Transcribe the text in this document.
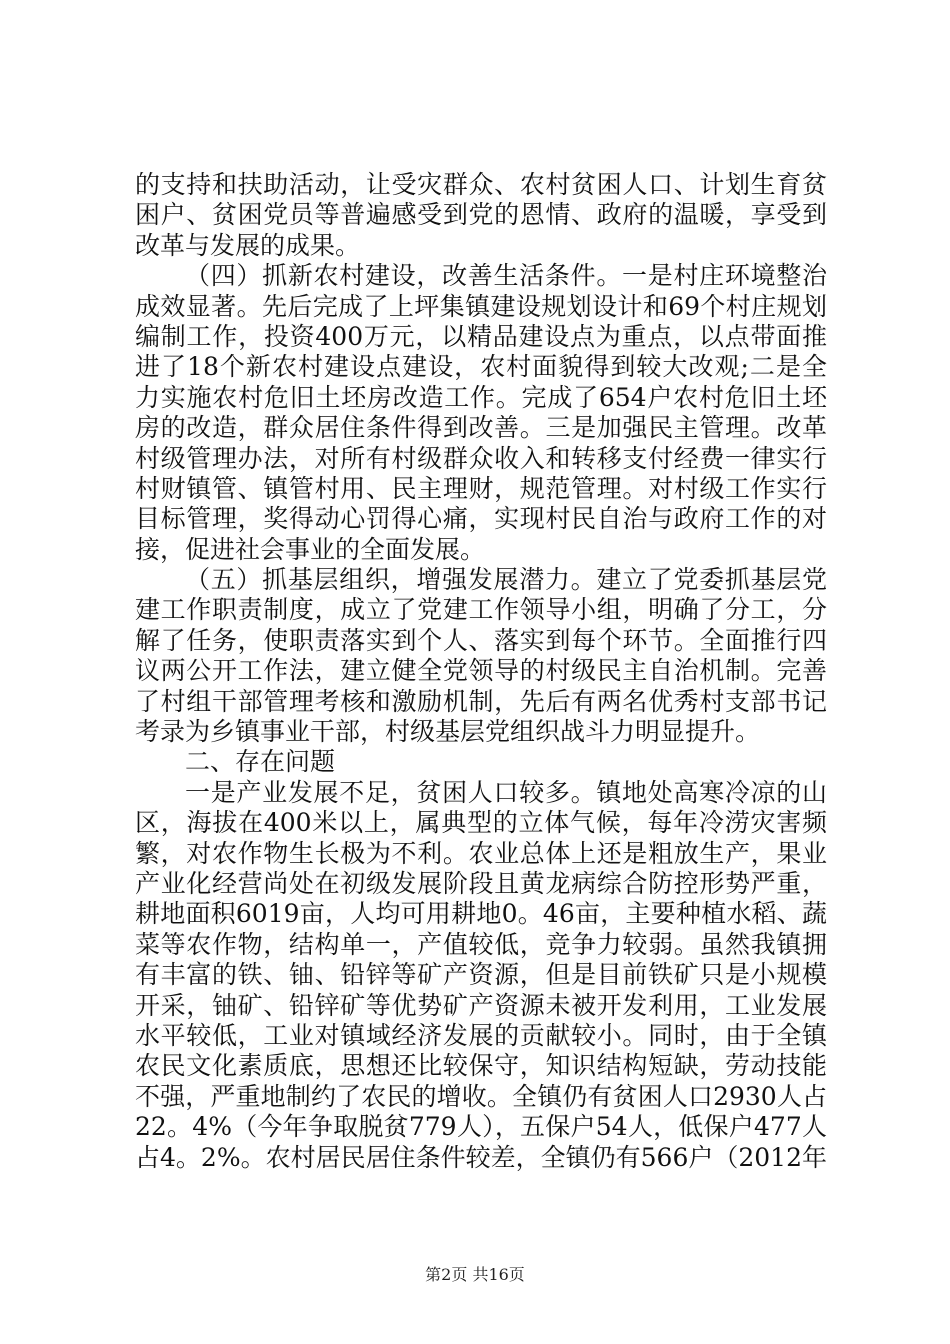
的支持和扶助活动，让受灾群众、农村贫困人口、计划生育贫
困户、贫困党员等普遍感受到党的恩情、政府的温暖，享受到
改革与发展的成果。
（四）抓新农村建设，改善生活条件。一是村庄环境整治
成效显著。先后完成了上坪集镇建设规划设计和69个村庄规划
编制工作，投资400万元，以精品建设点为重点，以点带面推
进了18个新农村建设点建设，农村面貌得到较大改观;二是全
力实施农村危旧土坯房改造工作。完成了654户农村危旧土坯
房的改造，群众居住条件得到改善。三是加强民主管理。改革
村级管理办法，对所有村级群众收入和转移支付经费一律实行
村财镇管、镇管村用、民主理财，规范管理。对村级工作实行
目标管理，奖得动心罚得心痛，实现村民自治与政府工作的对
接，促进社会事业的全面发展。
（五）抓基层组织，增强发展潜力。建立了党委抓基层党
建工作职责制度，成立了党建工作领导小组，明确了分工，分
解了任务，使职责落实到个人、落实到每个环节。全面推行四
议两公开工作法，建立健全党领导的村级民主自治机制。完善
了村组干部管理考核和激励机制，先后有两名优秀村支部书记
考录为乡镇事业干部，村级基层党组织战斗力明显提升。
二、存在问题
一是产业发展不足，贫困人口较多。镇地处高寒冷凉的山
区，海拔在400米以上，属典型的立体气候，每年冷涝灾害频
繁，对农作物生长极为不利。农业总体上还是粗放生产，果业
产业化经营尚处在初级发展阶段且黄龙病综合防控形势严重，
耕地面积6019亩，人均可用耕地0。46亩，主要种植水稻、蔬
菜等农作物，结构单一，产值较低，竞争力较弱。虽然我镇拥
有丰富的铁、铀、铅锌等矿产资源，但是目前铁矿只是小规模
开采，铀矿、铅锌矿等优势矿产资源未被开发利用，工业发展
水平较低，工业对镇域经济发展的贡献较小。同时，由于全镇
农民文化素质底，思想还比较保守，知识结构短缺，劳动技能
不强，严重地制约了农民的增收。全镇仍有贫困人口2930人占
22。4%（今年争取脱贫779人），五保户54人，低保户477人
占4。2%。农村居民居住条件较差，全镇仍有566户（2012年
第2页 共16页
